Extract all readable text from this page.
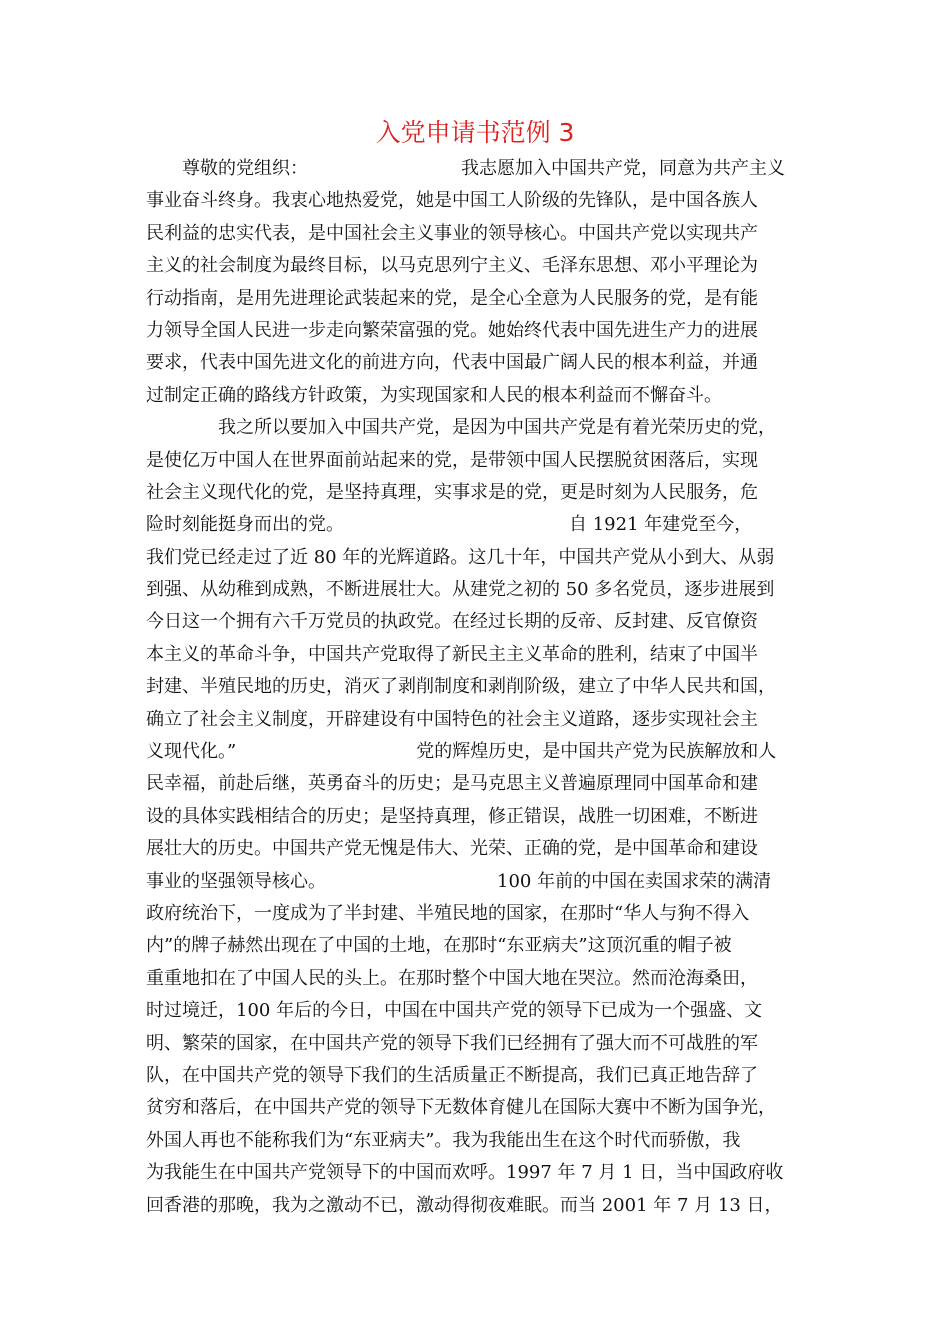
入党申请书范例 3
　　尊敬的党组织：　　　　　　　　　我志愿加入中国共产党，同意为共产主义
事业奋斗终身。我衷心地热爱党，她是中国工人阶级的先锋队，是中国各族人
民利益的忠实代表，是中国社会主义事业的领导核心。中国共产党以实现共产
主义的社会制度为最终目标，以马克思列宁主义、毛泽东思想、邓小平理论为
行动指南，是用先进理论武装起来的党，是全心全意为人民服务的党，是有能
力领导全国人民进一步走向繁荣富强的党。她始终代表中国先进生产力的进展
要求，代表中国先进文化的前进方向，代表中国最广阔人民的根本利益，并通
过制定正确的路线方针政策，为实现国家和人民的根本利益而不懈奋斗。
　　　　我之所以要加入中国共产党，是因为中国共产党是有着光荣历史的党，
是使亿万中国人在世界面前站起来的党，是带领中国人民摆脱贫困落后，实现
社会主义现代化的党，是坚持真理，实事求是的党，更是时刻为人民服务，危
险时刻能挺身而出的党。　　　　　　　　　　　　　自 1921 年建党至今，
我们党已经走过了近 80 年的光辉道路。这几十年，中国共产党从小到大、从弱
到强、从幼稚到成熟，不断进展壮大。从建党之初的 50 多名党员，逐步进展到
今日这一个拥有六千万党员的执政党。在经过长期的反帝、反封建、反官僚资
本主义的革命斗争，中国共产党取得了新民主主义革命的胜利，结束了中国半
封建、半殖民地的历史，消灭了剥削制度和剥削阶级，建立了中华人民共和国，
确立了社会主义制度，开辟建设有中国特色的社会主义道路，逐步实现社会主
义现代化。”　　　　　　　　　　党的辉煌历史，是中国共产党为民族解放和人
民幸福，前赴后继，英勇奋斗的历史；是马克思主义普遍原理同中国革命和建
设的具体实践相结合的历史；是坚持真理，修正错误，战胜一切困难，不断进
展壮大的历史。中国共产党无愧是伟大、光荣、正确的党，是中国革命和建设
事业的坚强领导核心。　　　　　　　　　　100 年前的中国在卖国求荣的满清
政府统治下，一度成为了半封建、半殖民地的国家，在那时“华人与狗不得入
内”的牌子赫然出现在了中国的土地，在那时“东亚病夫”这顶沉重的帽子被
重重地扣在了中国人民的头上。在那时整个中国大地在哭泣。然而沧海桑田，
时过境迁，100 年后的今日，中国在中国共产党的领导下已成为一个强盛、文
明、繁荣的国家，在中国共产党的领导下我们已经拥有了强大而不可战胜的军
队，在中国共产党的领导下我们的生活质量正不断提高，我们已真正地告辞了
贫穷和落后，在中国共产党的领导下无数体育健儿在国际大赛中不断为国争光，
外国人再也不能称我们为“东亚病夫”。我为我能出生在这个时代而骄傲，我
为我能生在中国共产党领导下的中国而欢呼。1997 年 7 月 1 日，当中国政府收
回香港的那晚，我为之激动不已，激动得彻夜难眠。而当 2001 年 7 月 13 日，
